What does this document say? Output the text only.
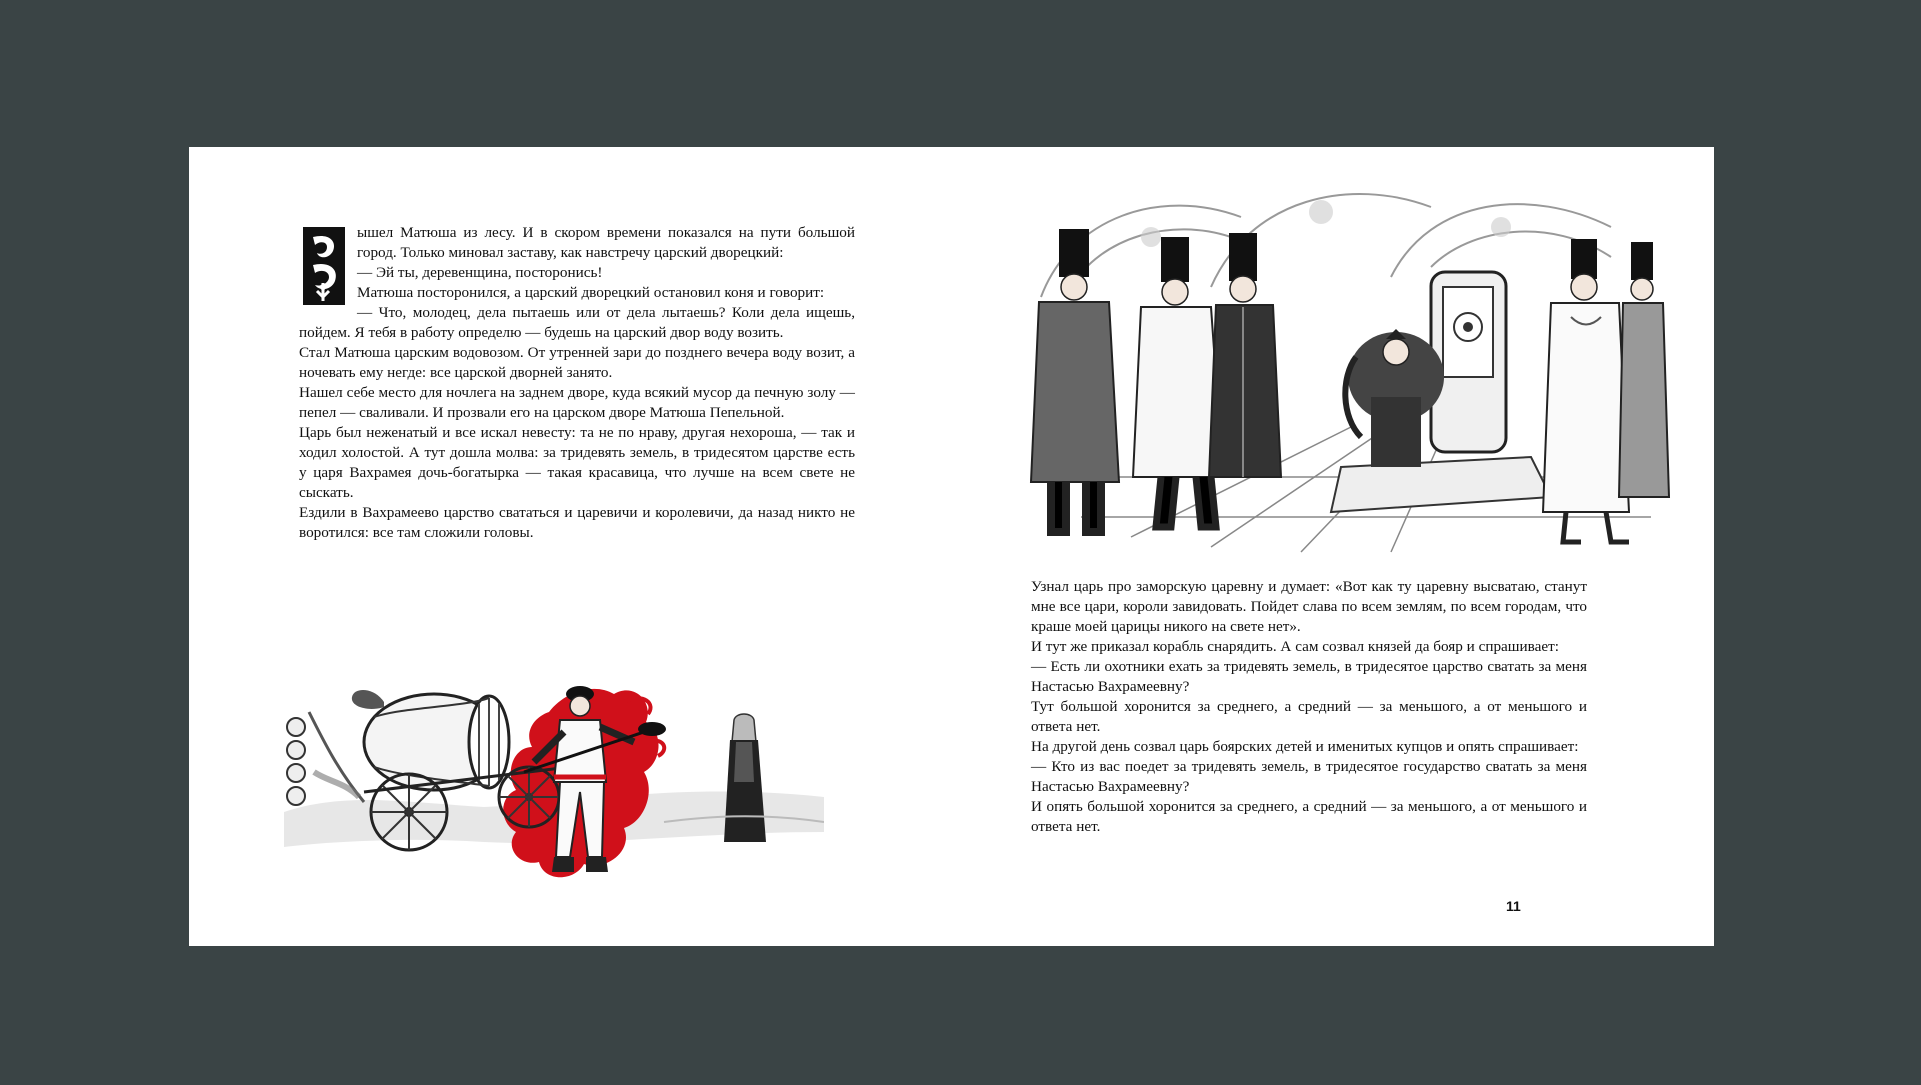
ышел Матюша из лесу. И в скором времени показался на пути большой город. Только миновал заставу, как навстречу царский дворецкий:

— Эй ты, деревенщина, посторонись!

Матюша посторонился, а царский дворецкий остановил коня и говорит:

— Что, молодец, дела пытаешь или от дела лытаешь? Коли дела ищешь, пойдем. Я тебя в работу определю — будешь на царский двор воду возить.

Стал Матюша царским водовозом. От утренней зари до позднего вечера воду возит, а ночевать ему негде: все царской дворней занято.

Нашел себе место для ночлега на заднем дворе, куда всякий мусор да печную золу — пепел — сваливали. И прозвали его на царском дворе Матюша Пепельной.

Царь был неженатый и все искал невесту: та не по нраву, другая нехороша, — так и ходил холостой. А тут дошла молва: за тридевять земель, в тридесятом царстве есть у царя Вахрамея дочь-богатырка — такая красавица, что лучше на всем свете не сыскать.

Ездили в Вахрамеево царство свататься и царевичи и королевичи, да назад никто не воротился: все там сложили головы.

Узнал царь про заморскую царевну и думает: «Вот как ту царевну высватаю, станут мне все цари, короли завидовать. Пойдет слава по всем землям, по всем городам, что краше моей царицы никого на свете нет».

И тут же приказал корабль снарядить. А сам созвал князей да бояр и спрашивает:

— Есть ли охотники ехать за тридевять земель, в тридесятое царство сватать за меня Настасью Вахрамеевну?

Тут большой хоронится за среднего, а средний — за меньшого, а от меньшого и ответа нет.

На другой день созвал царь боярских детей и именитых купцов и опять спрашивает:

— Кто из вас поедет за тридевять земель, в тридесятое государство сватать за меня Настасью Вахрамеевну?

И опять большой хоронится за среднего, а средний — за меньшого, а от меньшого и ответа нет.

11
